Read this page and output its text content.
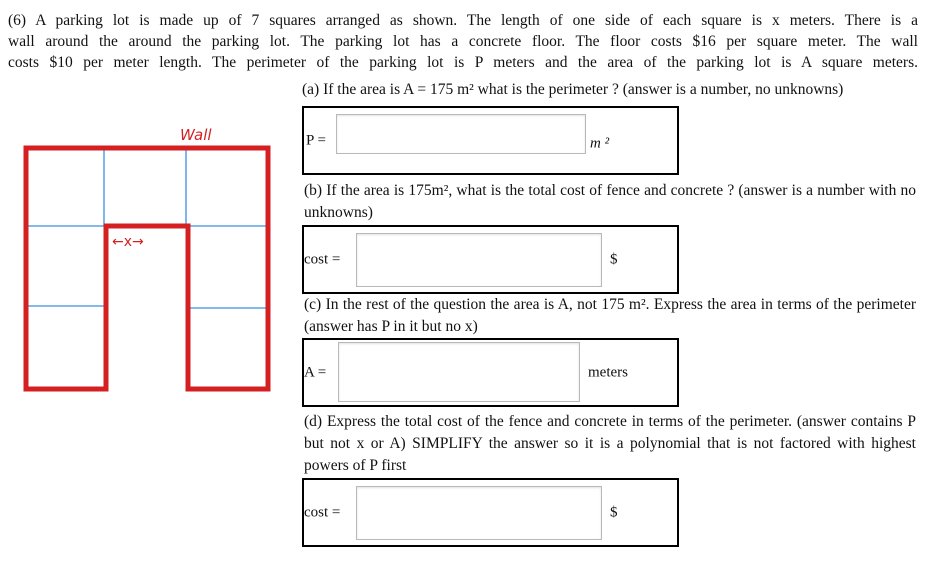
(6) A parking lot is made up of 7 squares arranged as shown. The length of one side of each square is x meters. There is a
wall around the around the parking lot. The parking lot has a concrete floor. The floor costs $16 per square meter. The wall
costs $10 per meter length. The perimeter of the parking lot is P meters and the area of the parking lot is A square meters.
Wall
←x→
(a) If the area is A = 175 m² what is the perimeter ? (answer is a number, no unknowns)
P =	m ²
(b) If the area is 175m², what is the total cost of fence and concrete ? (answer is a number with no unknowns)
cost =	$
(c) In the rest of the question the area is A, not 175 m². Express the area in terms of the perimeter (answer has P in it but no x)
A =	meters
(d) Express the total cost of the fence and concrete in terms of the perimeter. (answer contains P but not x or A) SIMPLIFY the answer so it is a polynomial that is not factored with highest powers of P first
cost =	$
